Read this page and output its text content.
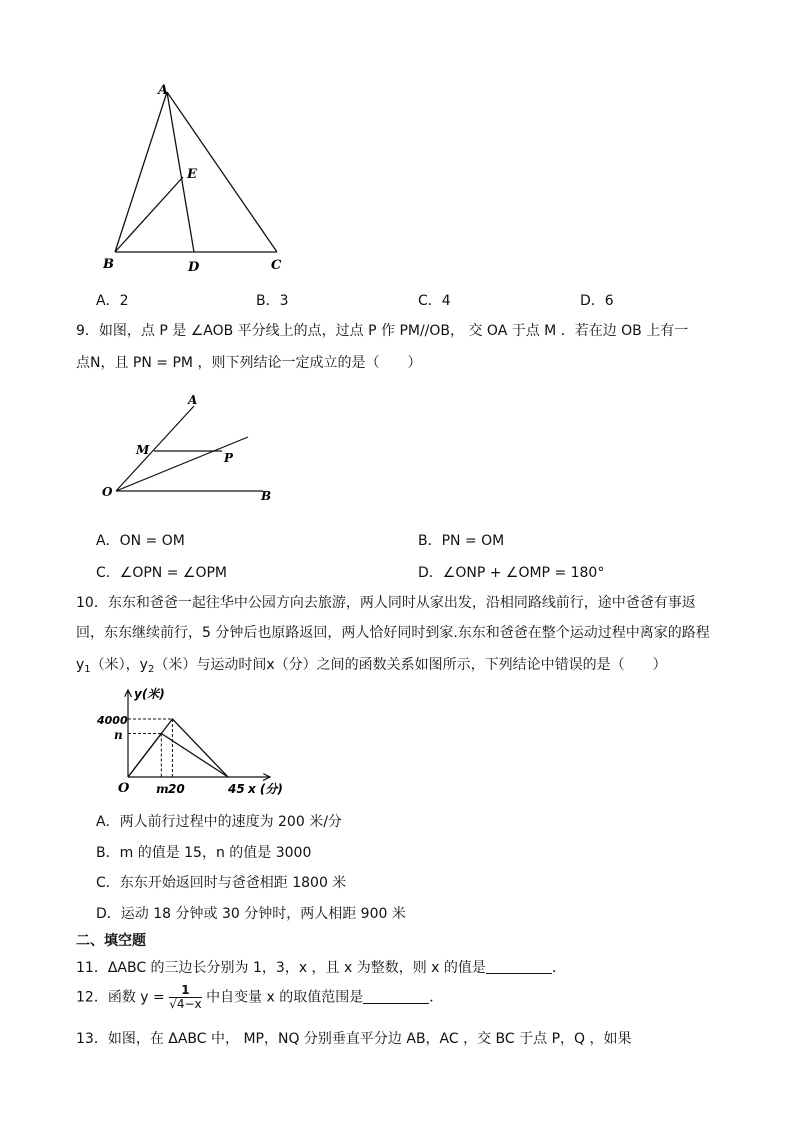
A
E
B	D	C
A．2	B．3	C．4	D．6
9．如图，点 P 是 ∠AOB 平分线上的点，过点 P 作 PM//OB， 交 OA 于点 M ．若在边 OB 上有一
点N，且 PN = PM ，则下列结论一定成立的是（　　）
A
M
P
O	B
A．ON = OM	B．PN = OM
C．∠OPN = ∠OPM	D．∠ONP + ∠OMP = 180°
10．东东和爸爸一起往华中公园方向去旅游，两人同时从家出发，沿相同路线前行，途中爸爸有事返
回，东东继续前行，5 分钟后也原路返回，两人恰好同时到家.东东和爸爸在整个运动过程中离家的路程
$y_1$（米），$y_2$（米）与运动时间x（分）之间的函数关系如图所示，下列结论中错误的是（　　）
y(米)
4000
n
O m 20	45 x (分)
A．两人前行过程中的速度为 200 米/分
B．m 的值是 15，n 的值是 3000
C．东东开始返回时与爸爸相距 1800 米
D．运动 18 分钟或 30 分钟时，两人相距 900 米
二、填空题
11．ΔABC 的三边长分别为 1，3，x ，且 x 为整数，则 x 的值是	．
12．函数 $y = \frac{1}{√4-x}$ 中自变量 x 的取值范围是	．
13．如图，在 ΔABC 中， MP，NQ 分别垂直平分边 AB，AC ，交 BC 于点 P，Q ，如果
